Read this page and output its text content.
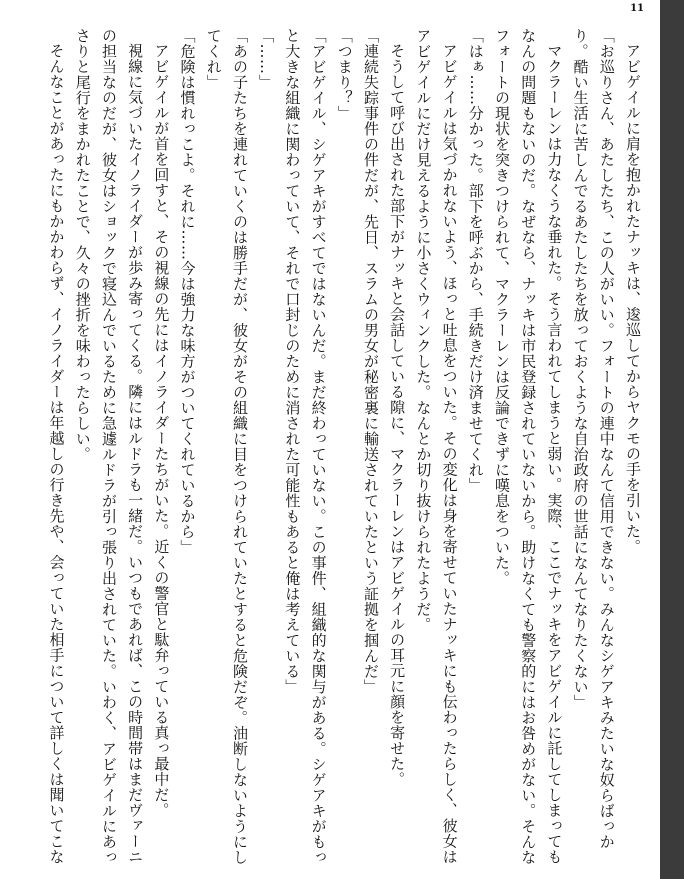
11

アビゲイルに肩を抱かれたナッキは、逡巡してからヤクモの手を引いた。

「お巡りさん、あたしたち、この人がいい。フォートの連中なんて信用できない。みんなシゲアキみたいな奴らばっかり。酷い生活に苦しんでるあたしたちを放っておくような自治政府の世話になんてなりたくない」

マクラーレンは力なくうな垂れた。そう言われてしまうと弱い。実際、ここでナッキをアビゲイルに託してしまってもなんの問題もないのだ。なぜなら、ナッキは市民登録されていないから。助けなくても警察的にはお咎めがない。そんなフォートの現状を突きつけられて、マクラーレンは反論できずに嘆息をついた。

「はぁ……分かった。部下を呼ぶから、手続きだけ済ませてくれ」

アビゲイルは気づかれないよう、ほっと吐息をついた。その変化は身を寄せていたナッキにも伝わったらしく、彼女はアビゲイルにだけ見えるように小さくウィンクした。なんとか切り抜けられたようだ。

そうして呼び出された部下がナッキと会話している隙に、マクラーレンはアビゲイルの耳元に顔を寄せた。

「連続失踪事件の件だが、先日、スラムの男女が秘密裏に輸送されていたという証拠を掴んだ」

「つまり？」

「アビゲイル、シゲアキがすべてではないんだ。まだ終わっていない。この事件、組織的な関与がある。シゲアキがもっと大きな組織に関わっていて、それで口封じのために消された可能性もあると俺は考えている」

「……」

「あの子たちを連れていくのは勝手だが、彼女がその組織に目をつけられていたとすると危険だぞ。油断しないようにしてくれ」

「危険は慣れっこよ。それに……今は強力な味方がついてくれているから」

アビゲイルが首を回すと、その視線の先にはイノライダーたちがいた。近くの警官と駄弁っている真っ最中だ。

視線に気づいたイノライダーが歩み寄ってくる。隣にはルドラも一緒だ。いつもであれば、この時間帯はまだヴァーニの担当なのだが、彼女はショックで寝込んでいるために急遽ルドラが引っ張り出されていた。いわく、アビゲイルにあっさりと尾行をまかれたことで、久々の挫折を味わったらしい。

そんなことがあったにもかかわらず、イノライダーは年越しの行き先や、会っていた相手について詳しくは聞いてこな
